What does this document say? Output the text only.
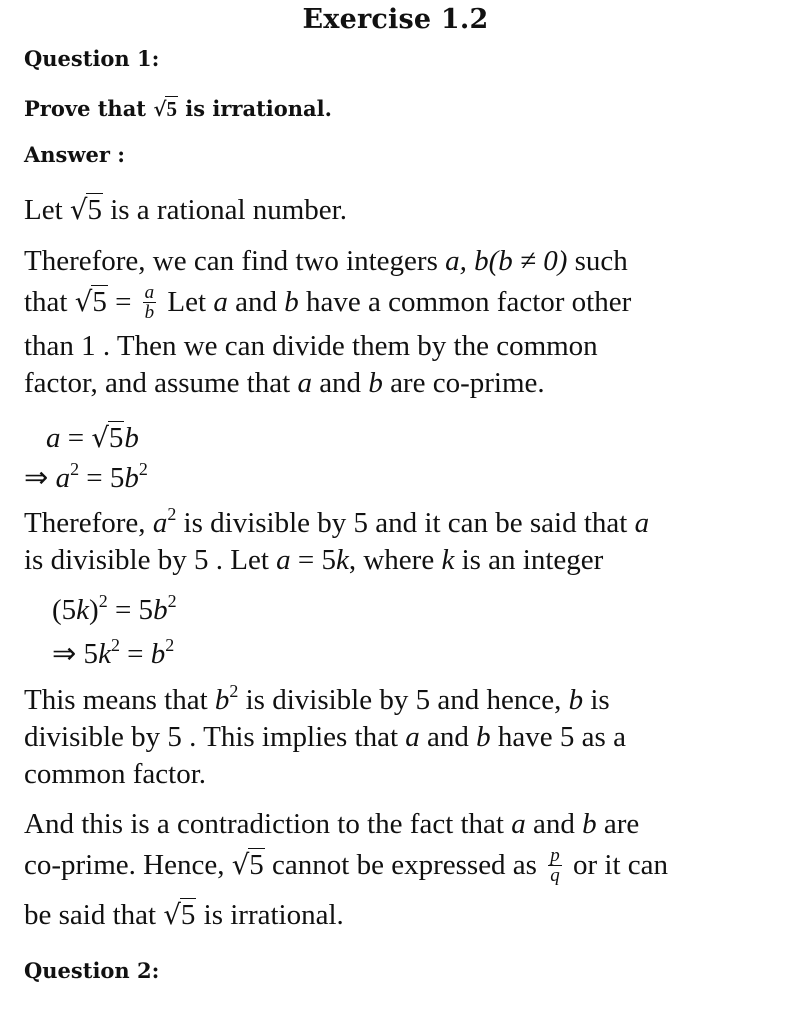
Exercise 1.2
Question 1:
Prove that √5 is irrational.
Answer :
Let √5 is a rational number.
Therefore, we can find two integers a, b(b ≠ 0) such
that $√5 = \frac{a}{b}$ Let a and b have a common factor other
than 1 . Then we can divide them by the common
factor, and assume that a and b are co-prime.
a = √5b
⇒ $a^2 = 5b^2$
Therefore, $a^2$ is divisible by 5 and it can be said that a
is divisible by 5 . Let a = 5k, where k is an integer
$(5k)^2 = 5b^2$
⇒ $5k^2 = b^2$
This means that $b^2$ is divisible by 5 and hence, b is
divisible by 5 . This implies that a and b have 5 as a
common factor.
And this is a contradiction to the fact that a and b are
co-prime. Hence, √5 cannot be expressed as $\frac{p}{q}$ or it can
be said that √5 is irrational.
Question 2:
